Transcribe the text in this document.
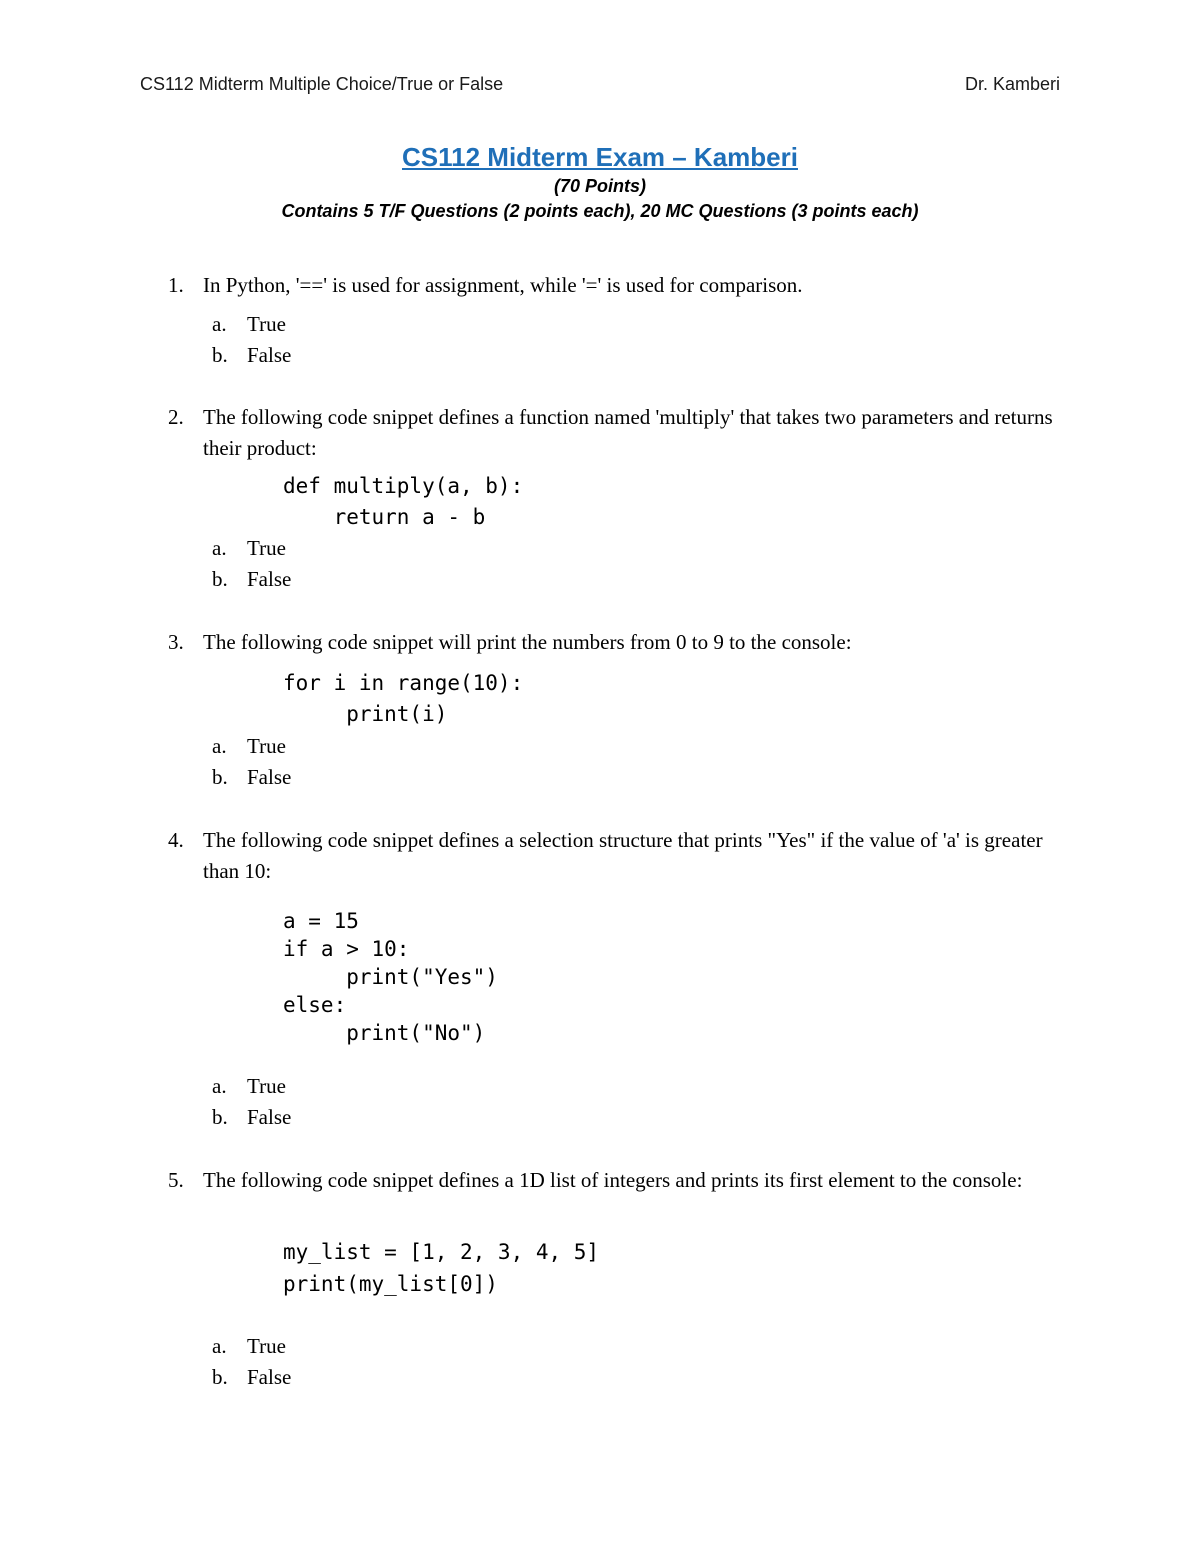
CS112 Midterm Multiple Choice/True or False	Dr. Kamberi
CS112 Midterm Exam – Kamberi
(70 Points)
Contains 5 T/F Questions (2 points each), 20 MC Questions (3 points each)
1. In Python, '==' is used for assignment, while '=' is used for comparison.
a. True
b. False
2. The following code snippet defines a function named 'multiply' that takes two parameters and returns their product:
def multiply(a, b):
return a - b
a. True
b. False
3. The following code snippet will print the numbers from 0 to 9 to the console:
for i in range(10):
print(i)
a. True
b. False
4. The following code snippet defines a selection structure that prints "Yes" if the value of 'a' is greater than 10:
a = 15
if a > 10:
print("Yes")
else:
print("No")
a. True
b. False
5. The following code snippet defines a 1D list of integers and prints its first element to the console:
my_list = [1, 2, 3, 4, 5]
print(my_list[0])
a. True
b. False
